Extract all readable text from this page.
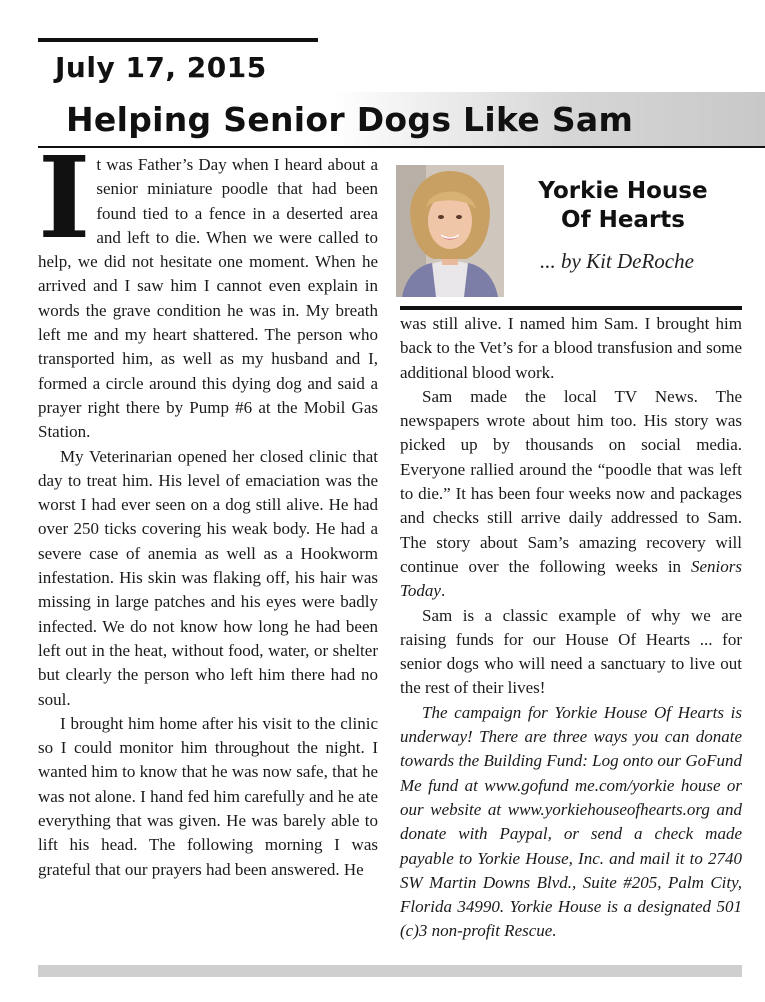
July 17, 2015
Helping Senior Dogs Like Sam

It was Father’s Day when I heard about a senior miniature poodle that had been found tied to a fence in a deserted area and left to die. When we were called to help, we did not hesitate one moment. When he arrived and I saw him I cannot even explain in words the grave condition he was in. My breath left me and my heart shattered. The person who transported him, as well as my husband and I, formed a circle around this dying dog and said a prayer right there by Pump #6 at the Mobil Gas Station.

My Veterinarian opened her closed clinic that day to treat him. His level of emaciation was the worst I had ever seen on a dog still alive. He had over 250 ticks covering his weak body. He had a severe case of anemia as well as a Hookworm infestation. His skin was flaking off, his hair was missing in large patches and his eyes were badly infected. We do not know how long he had been left out in the heat, without food, water, or shelter but clearly the person who left him there had no soul.

I brought him home after his visit to the clinic so I could monitor him throughout the night. I wanted him to know that he was now safe, that he was not alone. I hand fed him carefully and he ate everything that was given. He was barely able to lift his head. The following morning I was grateful that our prayers had been answered. He

Yorkie House
Of Hearts

... by Kit DeRoche

was still alive. I named him Sam. I brought him back to the Vet’s for a blood transfusion and some additional blood work.

Sam made the local TV News. The newspapers wrote about him too. His story was picked up by thousands on social media. Everyone rallied around the “poodle that was left to die.” It has been four weeks now and packages and checks still arrive daily addressed to Sam. The story about Sam’s amazing recovery will continue over the following weeks in Seniors Today.

Sam is a classic example of why we are raising funds for our House Of Hearts ... for senior dogs who will need a sanctuary to live out the rest of their lives!

The campaign for Yorkie House Of Hearts is underway! There are three ways you can donate towards the Building Fund: Log onto our GoFund Me fund at www.gofund me.com/yorkie house or our website at www.yorkiehouseofhearts.org and donate with Paypal, or send a check made payable to Yorkie House, Inc. and mail it to 2740 SW Martin Downs Blvd., Suite #205, Palm City, Florida 34990. Yorkie House is a designated 501 (c)3 non-profit Rescue.
